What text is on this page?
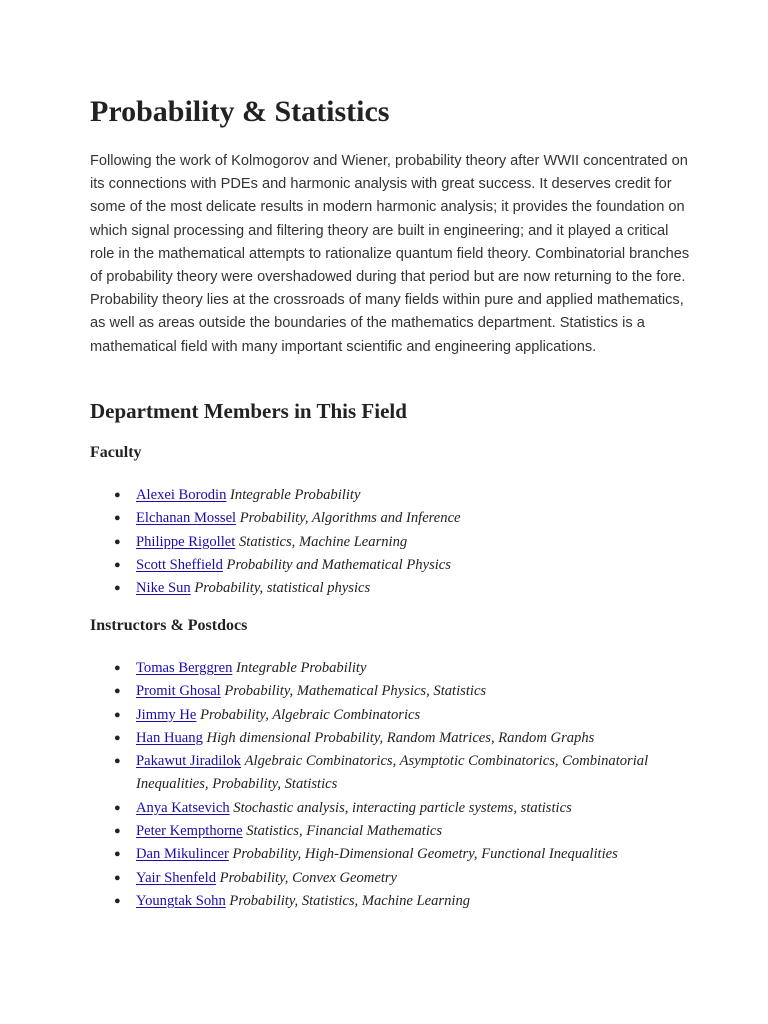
Probability & Statistics

Following the work of Kolmogorov and Wiener, probability theory after WWII concentrated on its connections with PDEs and harmonic analysis with great success. It deserves credit for some of the most delicate results in modern harmonic analysis; it provides the foundation on which signal processing and filtering theory are built in engineering; and it played a critical role in the mathematical attempts to rationalize quantum field theory. Combinatorial branches of probability theory were overshadowed during that period but are now returning to the fore. Probability theory lies at the crossroads of many fields within pure and applied mathematics, as well as areas outside the boundaries of the mathematics department. Statistics is a mathematical field with many important scientific and engineering applications.

Department Members in This Field
Faculty
● Alexei Borodin Integrable Probability
● Elchanan Mossel Probability, Algorithms and Inference
● Philippe Rigollet Statistics, Machine Learning
● Scott Sheffield Probability and Mathematical Physics
● Nike Sun Probability, statistical physics
Instructors & Postdocs
● Tomas Berggren Integrable Probability
● Promit Ghosal Probability, Mathematical Physics, Statistics
● Jimmy He Probability, Algebraic Combinatorics
● Han Huang High dimensional Probability, Random Matrices, Random Graphs
● Pakawut Jiradilok Algebraic Combinatorics, Asymptotic Combinatorics, Combinatorial Inequalities, Probability, Statistics
● Anya Katsevich Stochastic analysis, interacting particle systems, statistics
● Peter Kempthorne Statistics, Financial Mathematics
● Dan Mikulincer Probability, High-Dimensional Geometry, Functional Inequalities
● Yair Shenfeld Probability, Convex Geometry
● Youngtak Sohn Probability, Statistics, Machine Learning
